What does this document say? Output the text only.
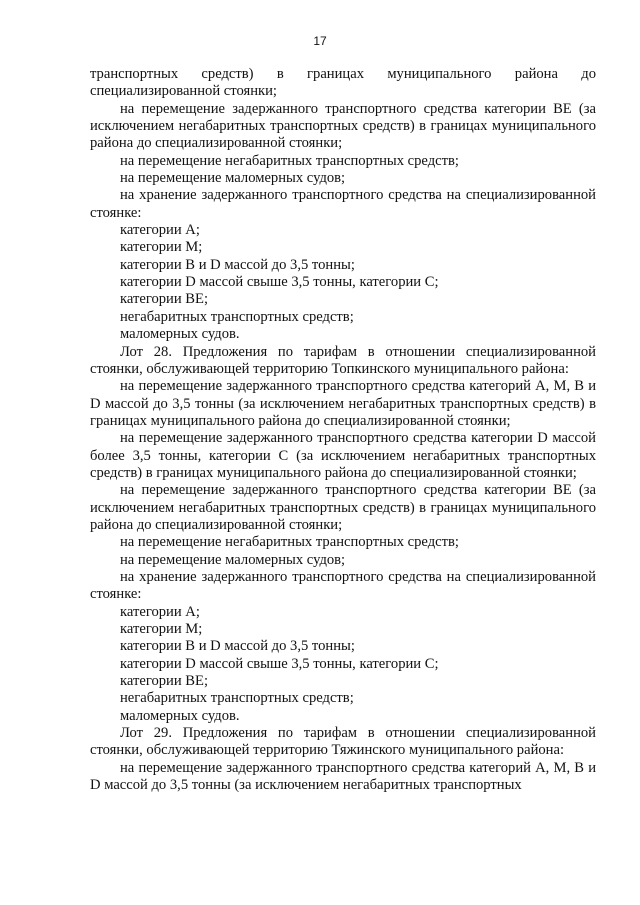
17

транспортных средств) в границах муниципального района до специализированной стоянки;

на перемещение задержанного транспортного средства категории ВЕ (за исключением негабаритных транспортных средств) в границах муниципального района до специализированной стоянки;

на перемещение негабаритных транспортных средств;

на перемещение маломерных судов;

на хранение задержанного транспортного средства на специализированной стоянке:

категории А;

категории М;

категории В и D массой до 3,5 тонны;

категории D массой свыше 3,5 тонны, категории С;

категории ВЕ;

негабаритных транспортных средств;

маломерных судов.

Лот 28. Предложения по тарифам в отношении специализированной стоянки, обслуживающей территорию Топкинского муниципального района:

на перемещение задержанного транспортного средства категорий А, М, В и D массой до 3,5 тонны (за исключением негабаритных транспортных средств) в границах муниципального района до специализированной стоянки;

на перемещение задержанного транспортного средства категории D массой более 3,5 тонны, категории С (за исключением негабаритных транспортных средств) в границах муниципального района до специализированной стоянки;

на перемещение задержанного транспортного средства категории ВЕ (за исключением негабаритных транспортных средств) в границах муниципального района до специализированной стоянки;

на перемещение негабаритных транспортных средств;

на перемещение маломерных судов;

на хранение задержанного транспортного средства на специализированной стоянке:

категории А;

категории М;

категории В и D массой до 3,5 тонны;

категории D массой свыше 3,5 тонны, категории С;

категории ВЕ;

негабаритных транспортных средств;

маломерных судов.

Лот 29. Предложения по тарифам в отношении специализированной стоянки, обслуживающей территорию Тяжинского муниципального района:

на перемещение задержанного транспортного средства категорий А, М, В и D массой до 3,5 тонны (за исключением негабаритных транспортных
